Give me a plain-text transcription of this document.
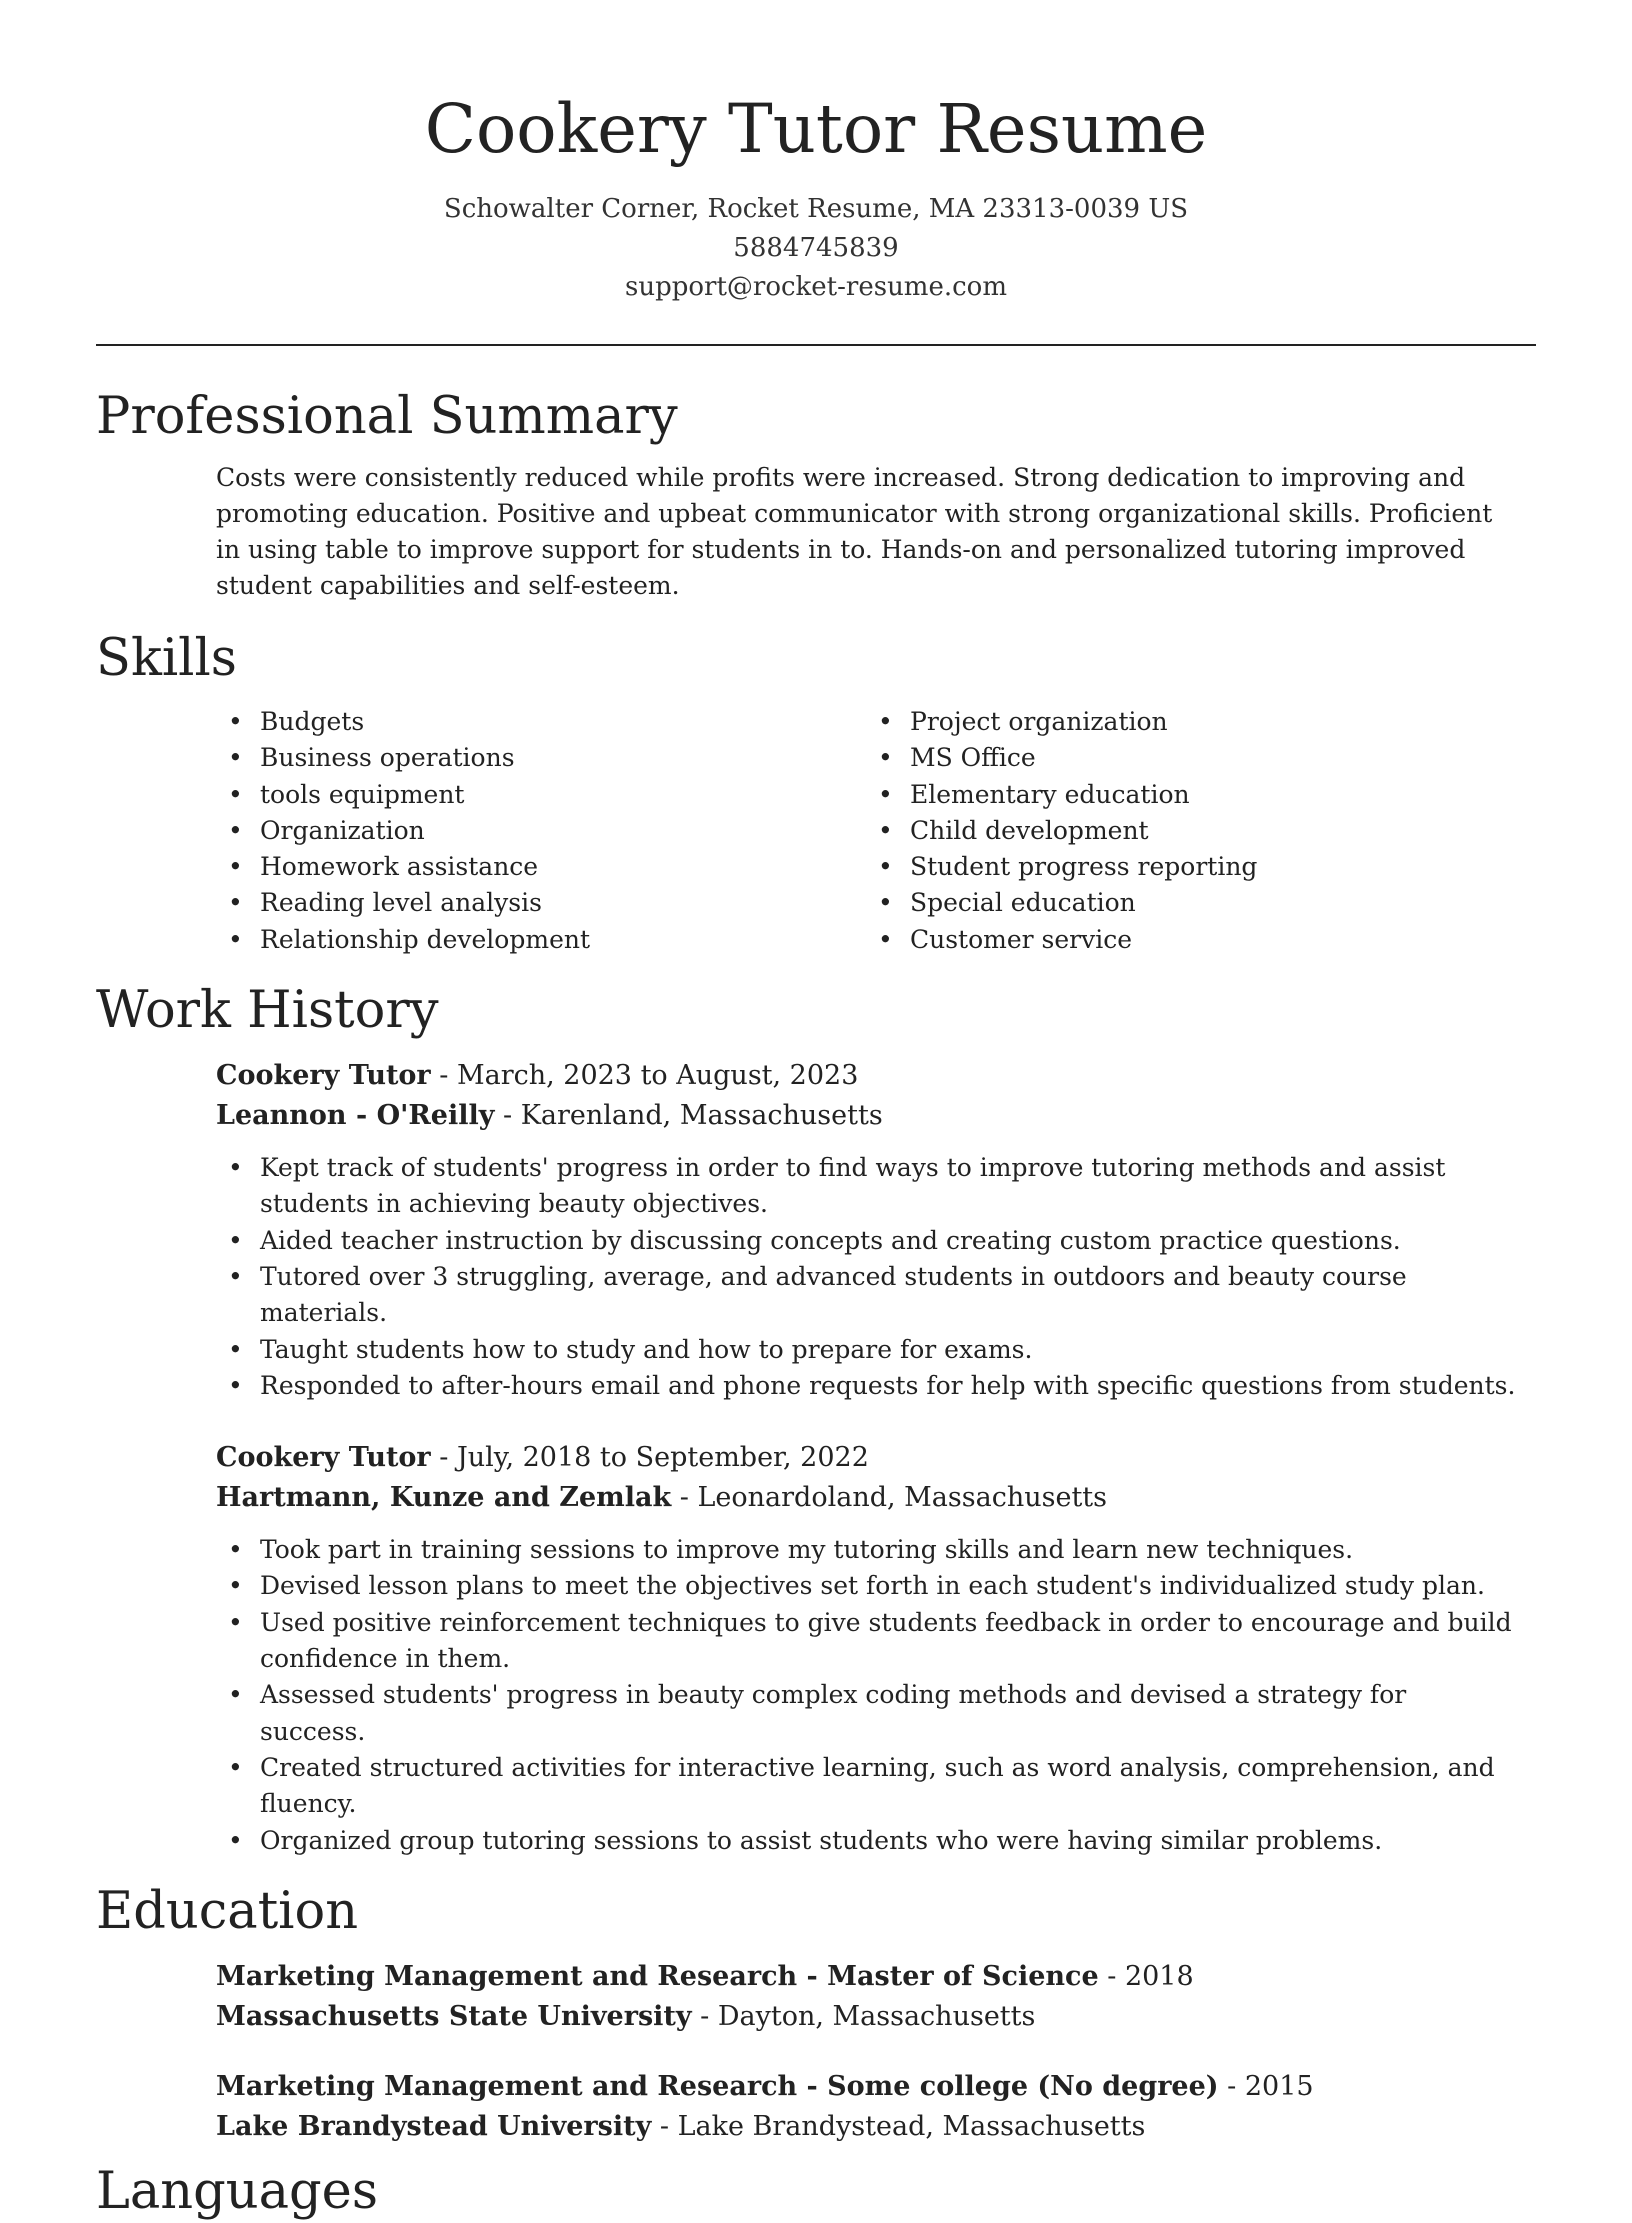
Cookery Tutor Resume
Schowalter Corner, Rocket Resume, MA 23313-0039 US
5884745839
support@rocket-resume.com
Professional Summary

Costs were consistently reduced while profits were increased. Strong dedication to improving and promoting education. Positive and upbeat communicator with strong organizational skills. Proficient in using table to improve support for students in to. Hands-on and personalized tutoring improved student capabilities and self-esteem.

Skills
• Budgets
• Business operations
• tools equipment
• Organization
• Homework assistance
• Reading level analysis
• Relationship development
• Project organization
• MS Office
• Elementary education
• Child development
• Student progress reporting
• Special education
• Customer service
Work History
Cookery Tutor - March, 2023 to August, 2023
Leannon - O'Reilly - Karenland, Massachusetts
• Kept track of students' progress in order to find ways to improve tutoring methods and assist students in achieving beauty objectives.
• Aided teacher instruction by discussing concepts and creating custom practice questions.
• Tutored over 3 struggling, average, and advanced students in outdoors and beauty course materials.
• Taught students how to study and how to prepare for exams.
• Responded to after-hours email and phone requests for help with specific questions from students.
Cookery Tutor - July, 2018 to September, 2022
Hartmann, Kunze and Zemlak - Leonardoland, Massachusetts
• Took part in training sessions to improve my tutoring skills and learn new techniques.
• Devised lesson plans to meet the objectives set forth in each student's individualized study plan.
• Used positive reinforcement techniques to give students feedback in order to encourage and build confidence in them.
• Assessed students' progress in beauty complex coding methods and devised a strategy for success.
• Created structured activities for interactive learning, such as word analysis, comprehension, and fluency.
• Organized group tutoring sessions to assist students who were having similar problems.
Education
Marketing Management and Research - Master of Science - 2018
Massachusetts State University - Dayton, Massachusetts
Marketing Management and Research - Some college (No degree) - 2015
Lake Brandystead University - Lake Brandystead, Massachusetts
Languages
